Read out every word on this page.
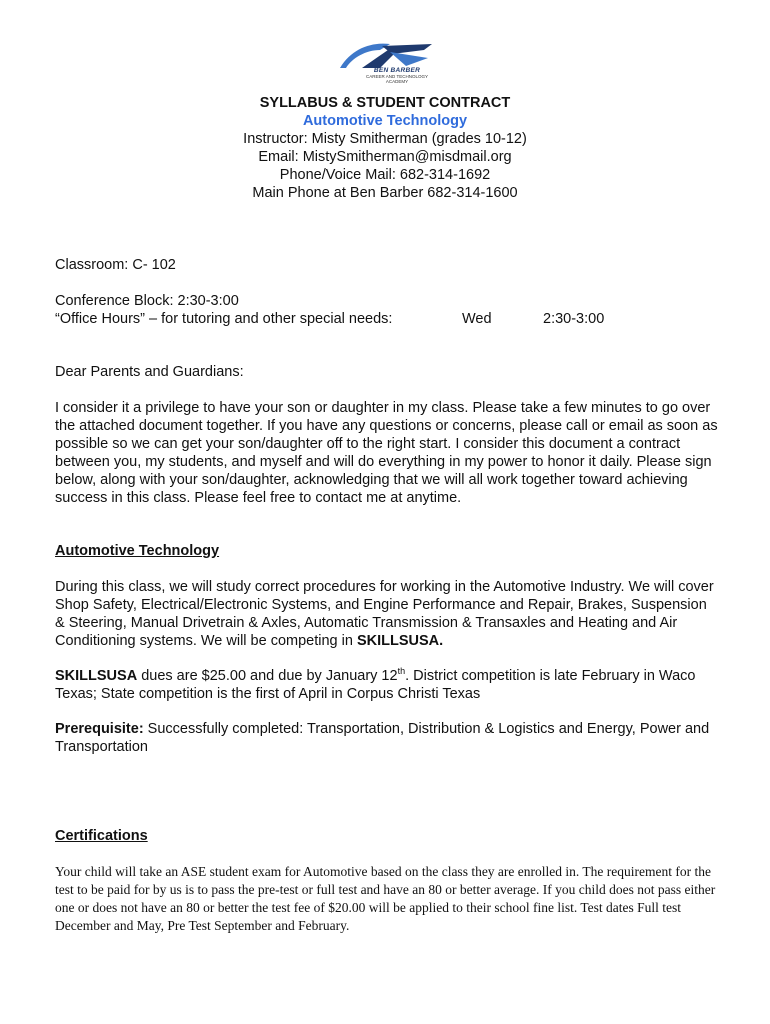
BEN BARBER
CAREER AND TECHNOLOGY
ACADEMY
SYLLABUS & STUDENT CONTRACT
Automotive Technology
Instructor: Misty Smitherman (grades 10-12)
Email: MistySmitherman@misdmail.org
Phone/Voice Mail: 682-314-1692
Main Phone at Ben Barber 682-314-1600
Classroom: C- 102
Conference Block: 2:30-3:00
“Office Hours” – for tutoring and other special needs:	Wed	2:30-3:00
Dear Parents and Guardians:
I consider it a privilege to have your son or daughter in my class. Please take a few minutes to go over the attached document together. If you have any questions or concerns, please call or email as soon as possible so we can get your son/daughter off to the right start. I consider this document a contract between you, my students, and myself and will do everything in my power to honor it daily. Please sign below, along with your son/daughter, acknowledging that we will all work together toward achieving success in this class. Please feel free to contact me at anytime.
Automotive Technology
During this class, we will study correct procedures for working in the Automotive Industry. We will cover Shop Safety, Electrical/Electronic Systems, and Engine Performance and Repair, Brakes, Suspension & Steering, Manual Drivetrain & Axles, Automatic Transmission & Transaxles and Heating and Air Conditioning systems. We will be competing in SKILLSUSA.
SKILLSUSA dues are $25.00 and due by January 12th. District competition is late February in Waco Texas; State competition is the first of April in Corpus Christi Texas
Prerequisite: Successfully completed: Transportation, Distribution & Logistics and Energy, Power and Transportation
Certifications
Your child will take an ASE student exam for Automotive based on the class they are enrolled in. The requirement for the test to be paid for by us is to pass the pre-test or full test and have an 80 or better average. If you child does not pass either one or does not have an 80 or better the test fee of $20.00 will be applied to their school fine list. Test dates Full test December and May, Pre Test September and February.
